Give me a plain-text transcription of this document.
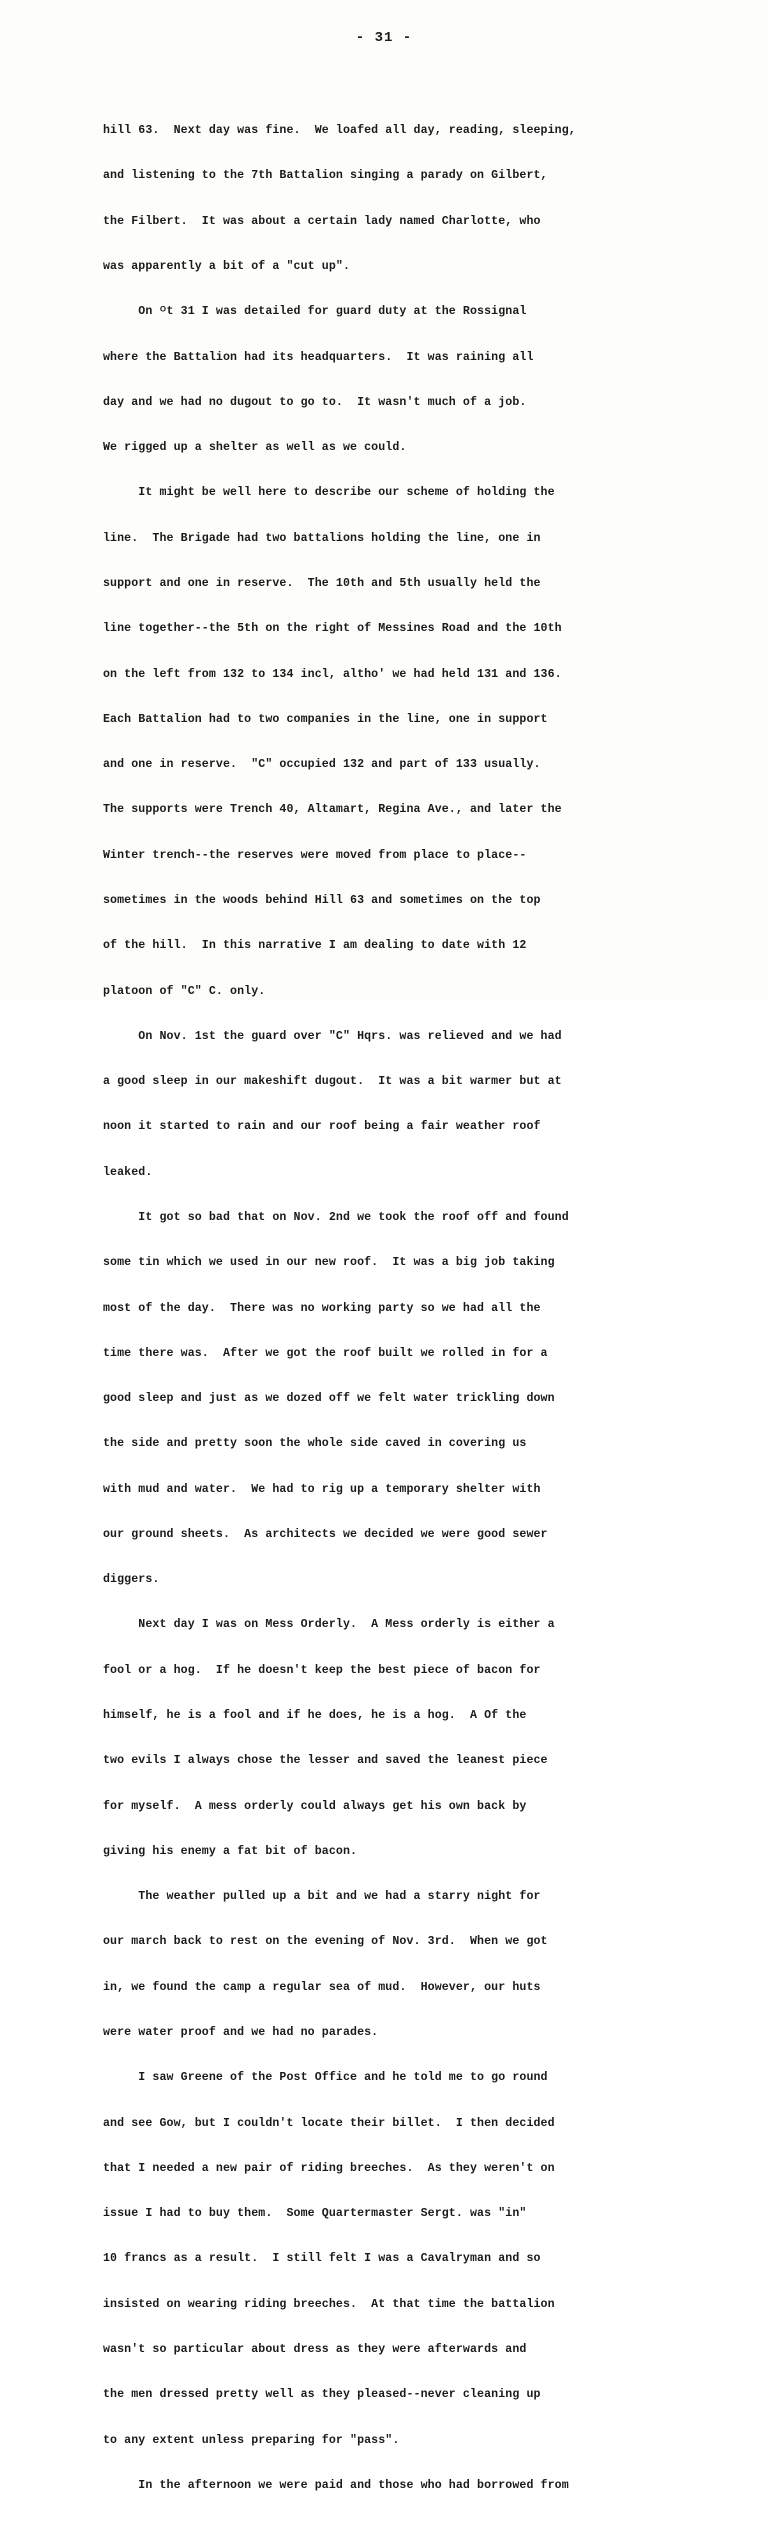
- 31 -

hill 63.  Next day was fine.  We loafed all day, reading, sleeping,

and listening to the 7th Battalion singing a parady on Gilbert,

the Filbert.  It was about a certain lady named Charlotte, who

was apparently a bit of a "cut up".

On ᴼt 31 I was detailed for guard duty at the Rossignal

where the Battalion had its headquarters.  It was raining all

day and we had no dugout to go to.  It wasn't much of a job.

We rigged up a shelter as well as we could.

It might be well here to describe our scheme of holding the

line.  The Brigade had two battalions holding the line, one in

support and one in reserve.  The 10th and 5th usually held the

line together--the 5th on the right of Messines Road and the 10th

on the left from 132 to 134 incl, altho' we had held 131 and 136.

Each Battalion had to two companies in the line, one in support

and one in reserve.  "C" occupied 132 and part of 133 usually.

The supports were Trench 40, Altamart, Regina Ave., and later the

Winter trench--the reserves were moved from place to place--

sometimes in the woods behind Hill 63 and sometimes on the top

of the hill.  In this narrative I am dealing to date with 12

platoon of "C" C. only.

On Nov. 1st the guard over "C" Hqrs. was relieved and we had

a good sleep in our makeshift dugout.  It was a bit warmer but at

noon it started to rain and our roof being a fair weather roof

leaked.

It got so bad that on Nov. 2nd we took the roof off and found

some tin which we used in our new roof.  It was a big job taking

most of the day.  There was no working party so we had all the

time there was.  After we got the roof built we rolled in for a

good sleep and just as we dozed off we felt water trickling down

the side and pretty soon the whole side caved in covering us

with mud and water.  We had to rig up a temporary shelter with

our ground sheets.  As architects we decided we were good sewer

diggers.

Next day I was on Mess Orderly.  A Mess orderly is either a

fool or a hog.  If he doesn't keep the best piece of bacon for

himself, he is a fool and if he does, he is a hog.  A Of the

two evils I always chose the lesser and saved the leanest piece

for myself.  A mess orderly could always get his own back by

giving his enemy a fat bit of bacon.

The weather pulled up a bit and we had a starry night for

our march back to rest on the evening of Nov. 3rd.  When we got

in, we found the camp a regular sea of mud.  However, our huts

were water proof and we had no parades.

I saw Greene of the Post Office and he told me to go round

and see Gow, but I couldn't locate their billet.  I then decided

that I needed a new pair of riding breeches.  As they weren't on

issue I had to buy them.  Some Quartermaster Sergt. was "in"

10 francs as a result.  I still felt I was a Cavalryman and so

insisted on wearing riding breeches.  At that time the battalion

wasn't so particular about dress as they were afterwards and

the men dressed pretty well as they pleased--never cleaning up

to any extent unless preparing for "pass".

In the afternoon we were paid and those who had borrowed from
